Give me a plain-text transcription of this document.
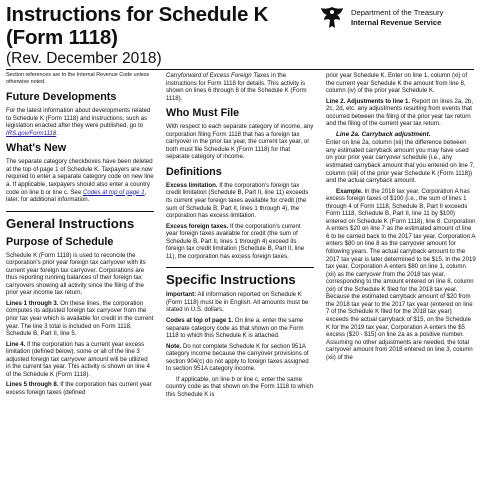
Instructions for Schedule K
(Form 1118)
(Rev. December 2018)
Department of the Treasury
Internal Revenue Service

Section references are to the Internal Revenue Code unless otherwise noted.

Future Developments

For the latest information about developments related to Schedule K (Form 1118) and instructions, such as legislation enacted after they were published, go to IRS.gov/Form1118.

What's New

The separate category checkboxes have been deleted at the top of page 1 of Schedule K. Taxpayers are now required to enter a separate category code on new line a. If applicable, taxpayers should also enter a country code on line b or line c. See Codes at top of page 1, later, for additional information.

General Instructions
Purpose of Schedule

Schedule K (Form 1118) is used to reconcile the corporation's prior year foreign tax carryover with its current year foreign tax carryover. Corporations are thus reporting running balances of their foreign tax carryovers showing all activity since the filing of the prior year income tax return.

Lines 1 through 3. On these lines, the corporation computes its adjusted foreign tax carryover from the prior tax year which is available for credit in the current year. The line 3 total is included on Form 1118, Schedule B, Part II, line 5.

Line 4. If the corporation has a current year excess limitation (defined below), some or all of the line 3 adjusted foreign tax carryover amount will be utilized in the current tax year. This activity is shown on line 4 of the Schedule K (Form 1118).

Lines 5 through 8. If the corporation has current year excess foreign taxes (defined

Carryforward of Excess Foreign Taxes in the instructions for Form 1118 for details. This activity is shown on lines 6 through 8 of the Schedule K (Form 1118).

Who Must File

With respect to each separate category of income, any corporation filing Form 1118 that has a foreign tax carryover in the prior tax year, the current tax year, or both must file Schedule K (Form 1118) for that separate category of income.

Definitions

Excess limitation. If the corporation's foreign tax credit limitation (Schedule B, Part II, line 11) exceeds its current year foreign taxes available for credit (the sum of Schedule B, Part II, lines 1 through 4), the corporation has excess limitation.

Excess foreign taxes. If the corporation's current year foreign taxes available for credit (the sum of Schedule B, Part II, lines 1 through 4) exceed its foreign tax credit limitation (Schedule B, Part II, line 11), the corporation has excess foreign taxes.

Specific Instructions

Important: All information reported on Schedule K (Form 1118) must be in English. All amounts must be stated in U.S. dollars.

Codes at top of page 1. On line a, enter the same separate category code as that shown on the Form 1118 to which this Schedule K is attached.

Note. Do not complete Schedule K for section 951A category income because the carryover provisions of section 904(c) do not apply to foreign taxes assigned to section 951A category income.

If applicable, on line b or line c, enter the same country code as that shown on the Form 1118 to which this Schedule K is

prior year Schedule K. Enter on line 1, column (xi) of the current year Schedule K the amount from line 8, column (iv) of the prior year Schedule K.

Line 2. Adjustments to line 1. Report on lines 2a, 2b, 2c, 2d, etc. any adjustments resulting from events that occurred between the filing of the prior year tax return and the filing of the current year tax return.

Line 2a. Carryback adjustment.

Enter on line 2a, column (xii) the difference between any estimated carryback amount you may have used on your prior year carryover schedule (i.e., any estimated carryback amount that you entered on line 7, column (xiii) of the prior year Schedule K (Form 1118)) and the actual carryback amount.

Example. In the 2018 tax year, Corporation A has excess foreign taxes of $100 (i.e., the sum of lines 1 through 4 of Form 1118, Schedule B, Part II exceeds Form 1118, Schedule B, Part II, line 11 by $100) entered on Schedule K (Form 1118), line 8. Corporation A enters $20 on line 7 as the estimated amount of line 6 to be carried back to the 2017 tax year. Corporation A enters $80 on line 8 as the carryover amount for following years. The actual carryback amount to the 2017 tax year is later determined to be $15. In the 2019 tax year, Corporation A enters $80 on line 1, column (xii) as the carryover from the 2018 tax year, corresponding to the amount entered on line 8, column (xii) of the Schedule K filed for the 2018 tax year. Because the estimated carryback amount of $20 from the 2018 tax year to the 2017 tax year (entered on line 7 of the Schedule K filed for the 2018 tax year) exceeds the actual carryback of $15, on the Schedule K for the 2019 tax year, Corporation A enters the $5 excess ($20 - $15) on line 2a as a positive number. Assuming no other adjustments are needed, the total carryover amount from 2018 entered on line 3, column (xii) of the
